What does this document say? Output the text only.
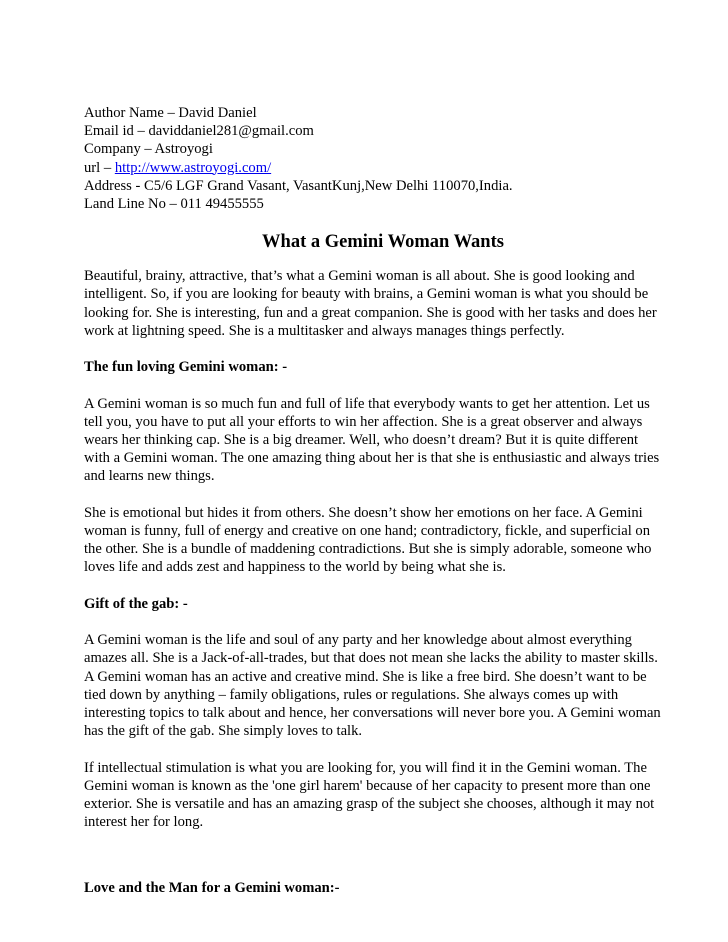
Author Name – David Daniel
Email id – daviddaniel281@gmail.com
Company – Astroyogi
url – http://www.astroyogi.com/
Address - C5/6 LGF Grand Vasant, VasantKunj,New Delhi 110070,India.
Land Line No – 011 49455555
What a Gemini Woman Wants

Beautiful, brainy, attractive, that’s what a Gemini woman is all about. She is good looking and intelligent. So, if you are looking for beauty with brains, a Gemini woman is what you should be looking for. She is interesting, fun and a great companion. She is good with her tasks and does her work at lightning speed. She is a multitasker and always manages things perfectly.

The fun loving Gemini woman: -

A Gemini woman is so much fun and full of life that everybody wants to get her attention. Let us tell you, you have to put all your efforts to win her affection. She is a great observer and always wears her thinking cap. She is a big dreamer. Well, who doesn’t dream? But it is quite different with a Gemini woman. The one amazing thing about her is that she is enthusiastic and always tries and learns new things.

She is emotional but hides it from others. She doesn’t show her emotions on her face. A Gemini woman is funny, full of energy and creative on one hand; contradictory, fickle, and superficial on the other. She is a bundle of maddening contradictions. But she is simply adorable, someone who loves life and adds zest and happiness to the world by being what she is.

Gift of the gab: -

A Gemini woman is the life and soul of any party and her knowledge about almost everything amazes all. She is a Jack-of-all-trades, but that does not mean she lacks the ability to master skills. A Gemini woman has an active and creative mind. She is like a free bird. She doesn’t want to be tied down by anything – family obligations, rules or regulations. She always comes up with interesting topics to talk about and hence, her conversations will never bore you. A Gemini woman has the gift of the gab. She simply loves to talk.

If intellectual stimulation is what you are looking for, you will find it in the Gemini woman. The Gemini woman is known as the 'one girl harem' because of her capacity to present more than one exterior. She is versatile and has an amazing grasp of the subject she chooses, although it may not interest her for long.

Love and the Man for a Gemini woman:-
